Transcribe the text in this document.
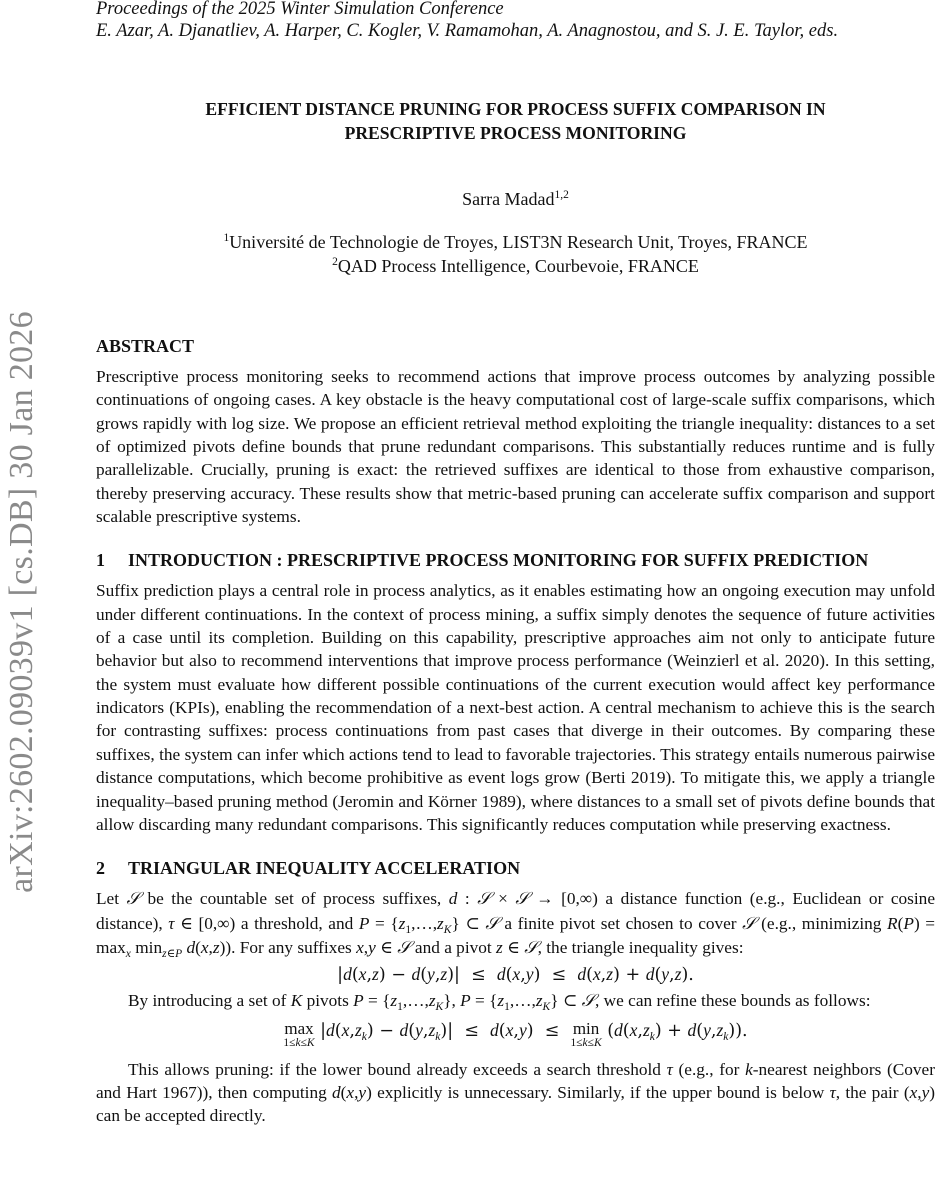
arXiv:2602.09039v1 [cs.DB] 30 Jan 2026
Proceedings of the 2025 Winter Simulation Conference
E. Azar, A. Djanatliev, A. Harper, C. Kogler, V. Ramamohan, A. Anagnostou, and S. J. E. Taylor, eds.
EFFICIENT DISTANCE PRUNING FOR PROCESS SUFFIX COMPARISON IN
PRESCRIPTIVE PROCESS MONITORING
Sarra Madad$^{1,2}$
$^1$Université de Technologie de Troyes, LIST3N Research Unit, Troyes, FRANCE
$^2$QAD Process Intelligence, Courbevoie, FRANCE
ABSTRACT

Prescriptive process monitoring seeks to recommend actions that improve process outcomes by analyzing possible continuations of ongoing cases. A key obstacle is the heavy computational cost of large-scale suffix comparisons, which grows rapidly with log size. We propose an efficient retrieval method exploiting the triangle inequality: distances to a set of optimized pivots define bounds that prune redundant comparisons. This substantially reduces runtime and is fully parallelizable. Crucially, pruning is exact: the retrieved suffixes are identical to those from exhaustive comparison, thereby preserving accuracy. These results show that metric-based pruning can accelerate suffix comparison and support scalable prescriptive systems.

1 INTRODUCTION : PRESCRIPTIVE PROCESS MONITORING FOR SUFFIX PREDICTION

Suffix prediction plays a central role in process analytics, as it enables estimating how an ongoing execution may unfold under different continuations. In the context of process mining, a suffix simply denotes the sequence of future activities of a case until its completion. Building on this capability, prescriptive approaches aim not only to anticipate future behavior but also to recommend interventions that improve process performance (Weinzierl et al. 2020). In this setting, the system must evaluate how different possible continuations of the current execution would affect key performance indicators (KPIs), enabling the recommendation of a next-best action. A central mechanism to achieve this is the search for contrasting suffixes: process continuations from past cases that diverge in their outcomes. By comparing these suffixes, the system can infer which actions tend to lead to favorable trajectories. This strategy entails numerous pairwise distance computations, which become prohibitive as event logs grow (Berti 2019). To mitigate this, we apply a triangle inequality–based pruning method (Jeromin and Körner 1989), where distances to a small set of pivots define bounds that allow discarding many redundant comparisons. This significantly reduces computation while preserving exactness.

2 TRIANGULAR INEQUALITY ACCELERATION

Let 𝒮 be the countable set of process suffixes, d : 𝒮 × 𝒮 → [0,∞) a distance function (e.g., Euclidean or cosine distance), τ ∈ [0,∞) a threshold, and $P = \{z_1,\dots,z_K\}$ ⊂ 𝒮 a finite pivot set chosen to cover 𝒮 (e.g., minimizing $R(P) = \max_x \min_{z\in P} d(x,z)$). For any suffixes x,y ∈ 𝒮 and a pivot z ∈ 𝒮, the triangle inequality gives:

|d(x,z) − d(y,z)|  ≤  d(x,y)  ≤  d(x,z) + d(y,z).

By introducing a set of K pivots $P = \{z_1,\dots,z_K\}$, $P = \{z_1,\dots,z_K\}$ ⊂ 𝒮, we can refine these bounds as follows:

max
1≤k≤K
$|d(x,z_k) - d(y,z_k)| \le d(x,y) \le \min$
1≤k≤K
$(d(x,z_k) + d(y,z_k))$.

This allows pruning: if the lower bound already exceeds a search threshold τ (e.g., for k-nearest neighbors (Cover and Hart 1967)), then computing d(x,y) explicitly is unnecessary. Similarly, if the upper bound is below τ, the pair (x,y) can be accepted directly.
